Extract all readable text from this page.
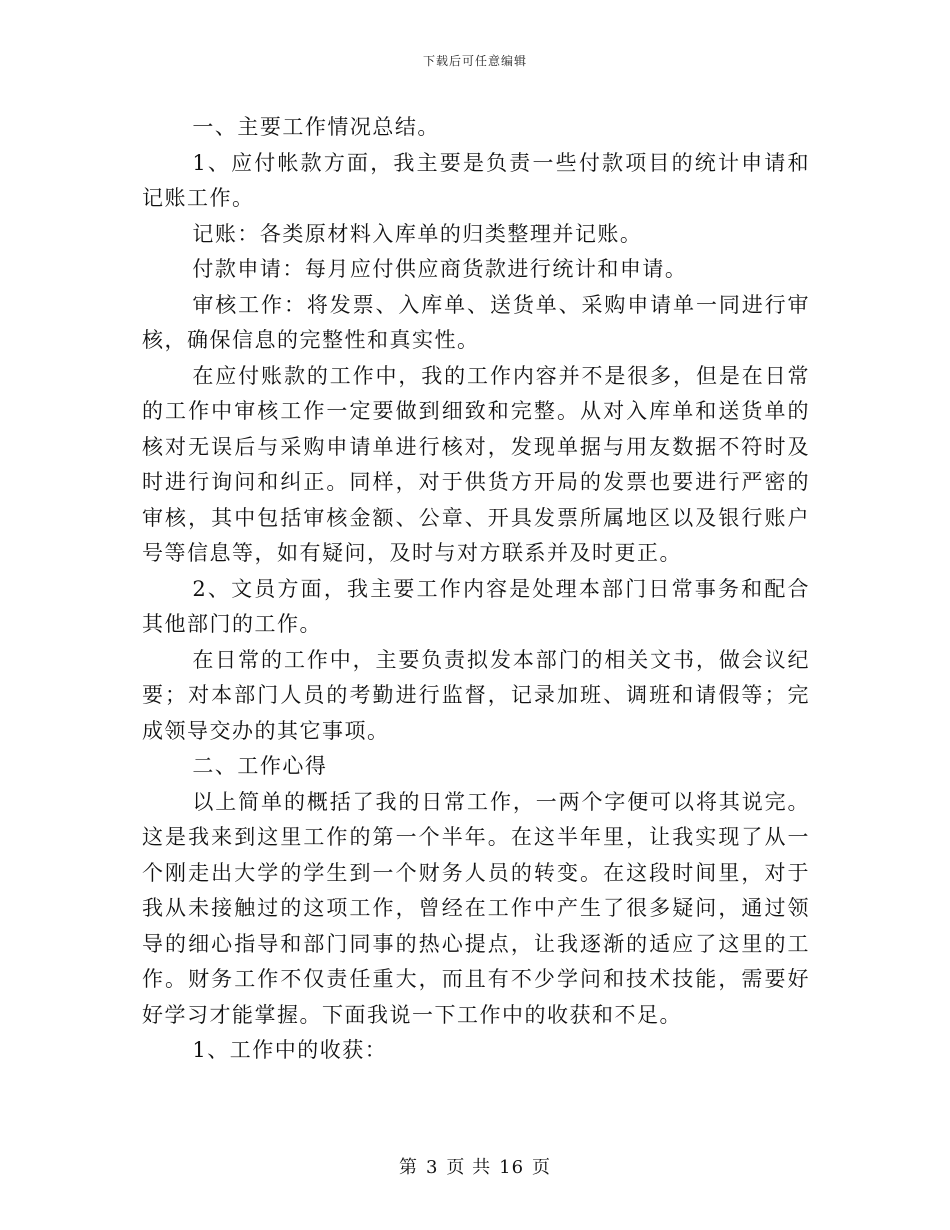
下载后可任意编辑

一、主要工作情况总结。

1、应付帐款方面，我主要是负责一些付款项目的统计申请和记账工作。

记账：各类原材料入库单的归类整理并记账。

付款申请：每月应付供应商货款进行统计和申请。

审核工作：将发票、入库单、送货单、采购申请单一同进行审核，确保信息的完整性和真实性。

在应付账款的工作中，我的工作内容并不是很多，但是在日常的工作中审核工作一定要做到细致和完整。从对入库单和送货单的核对无误后与采购申请单进行核对，发现单据与用友数据不符时及时进行询问和纠正。同样，对于供货方开局的发票也要进行严密的审核，其中包括审核金额、公章、开具发票所属地区以及银行账户号等信息等，如有疑问，及时与对方联系并及时更正。

2、文员方面，我主要工作内容是处理本部门日常事务和配合其他部门的工作。

在日常的工作中，主要负责拟发本部门的相关文书，做会议纪要；对本部门人员的考勤进行监督，记录加班、调班和请假等；完成领导交办的其它事项。

二、工作心得

以上简单的概括了我的日常工作，一两个字便可以将其说完。这是我来到这里工作的第一个半年。在这半年里，让我实现了从一个刚走出大学的学生到一个财务人员的转变。在这段时间里，对于我从未接触过的这项工作，曾经在工作中产生了很多疑问，通过领导的细心指导和部门同事的热心提点，让我逐渐的适应了这里的工作。财务工作不仅责任重大，而且有不少学问和技术技能，需要好好学习才能掌握。下面我说一下工作中的收获和不足。

1、工作中的收获：

第 3 页 共 16 页
